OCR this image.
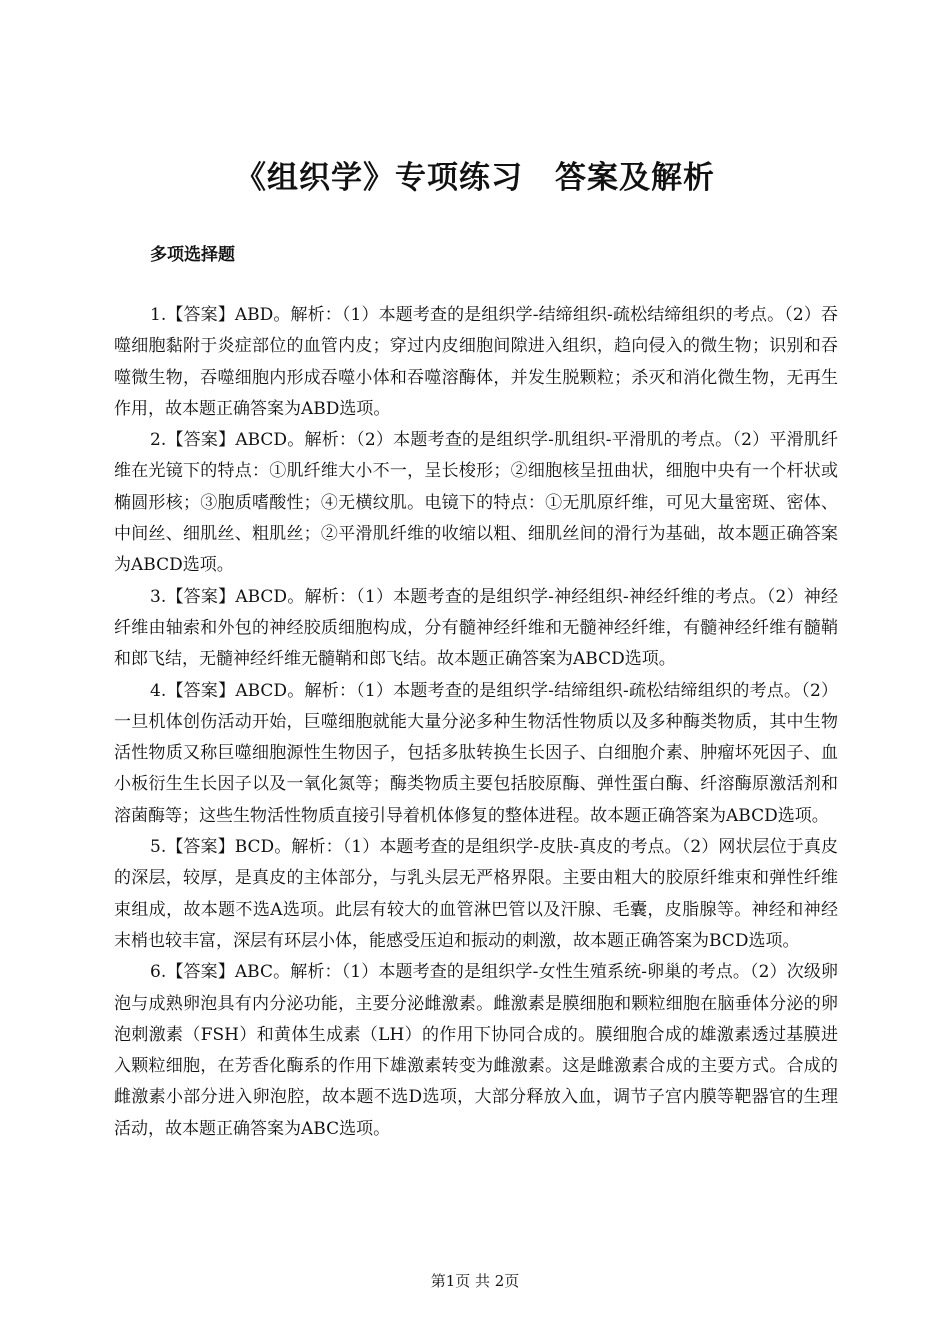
《组织学》专项练习　答案及解析
多项选择题

1.【答案】ABD。解析：（1）本题考查的是组织学-结缔组织-疏松结缔组织的考点。（2）吞噬细胞黏附于炎症部位的血管内皮；穿过内皮细胞间隙进入组织，趋向侵入的微生物；识别和吞噬微生物，吞噬细胞内形成吞噬小体和吞噬溶酶体，并发生脱颗粒；杀灭和消化微生物，无再生作用，故本题正确答案为ABD选项。

2.【答案】ABCD。解析：（2）本题考查的是组织学-肌组织-平滑肌的考点。（2）平滑肌纤维在光镜下的特点：①肌纤维大小不一，呈长梭形；②细胞核呈扭曲状，细胞中央有一个杆状或椭圆形核；③胞质嗜酸性；④无横纹肌。电镜下的特点：①无肌原纤维，可见大量密斑、密体、中间丝、细肌丝、粗肌丝；②平滑肌纤维的收缩以粗、细肌丝间的滑行为基础，故本题正确答案为ABCD选项。

3.【答案】ABCD。解析：（1）本题考查的是组织学-神经组织-神经纤维的考点。（2）神经纤维由轴索和外包的神经胶质细胞构成，分有髓神经纤维和无髓神经纤维，有髓神经纤维有髓鞘和郎飞结，无髓神经纤维无髓鞘和郎飞结。故本题正确答案为ABCD选项。

4.【答案】ABCD。解析：（1）本题考查的是组织学-结缔组织-疏松结缔组织的考点。（2）一旦机体创伤活动开始，巨噬细胞就能大量分泌多种生物活性物质以及多种酶类物质，其中生物活性物质又称巨噬细胞源性生物因子，包括多肽转换生长因子、白细胞介素、肿瘤坏死因子、血小板衍生生长因子以及一氧化氮等；酶类物质主要包括胶原酶、弹性蛋白酶、纤溶酶原激活剂和溶菌酶等；这些生物活性物质直接引导着机体修复的整体进程。故本题正确答案为ABCD选项。

5.【答案】BCD。解析：（1）本题考查的是组织学-皮肤-真皮的考点。（2）网状层位于真皮的深层，较厚，是真皮的主体部分，与乳头层无严格界限。主要由粗大的胶原纤维束和弹性纤维束组成，故本题不选A选项。此层有较大的血管淋巴管以及汗腺、毛囊，皮脂腺等。神经和神经末梢也较丰富，深层有环层小体，能感受压迫和振动的刺激，故本题正确答案为BCD选项。

6.【答案】ABC。解析：（1）本题考查的是组织学-女性生殖系统-卵巢的考点。（2）次级卵泡与成熟卵泡具有内分泌功能，主要分泌雌激素。雌激素是膜细胞和颗粒细胞在脑垂体分泌的卵泡刺激素（FSH）和黄体生成素（LH）的作用下协同合成的。膜细胞合成的雄激素透过基膜进入颗粒细胞，在芳香化酶系的作用下雄激素转变为雌激素。这是雌激素合成的主要方式。合成的雌激素小部分进入卵泡腔，故本题不选D选项，大部分释放入血，调节子宫内膜等靶器官的生理活动，故本题正确答案为ABC选项。

第1页 共 2页
